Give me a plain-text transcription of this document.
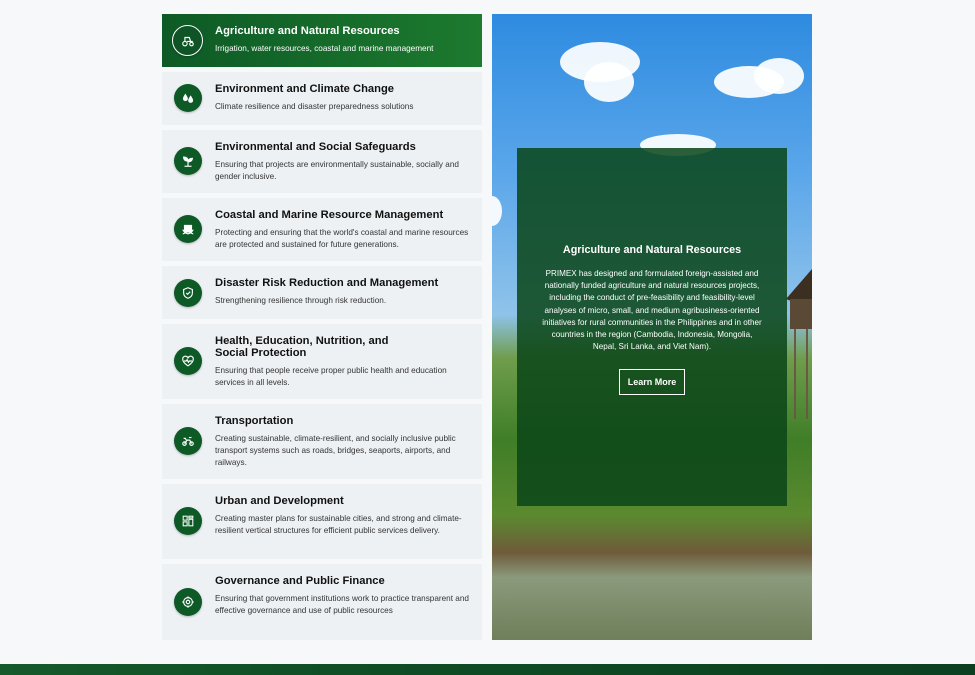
Agriculture and Natural Resources
Irrigation, water resources, coastal and marine management
Environment and Climate Change
Climate resilience and disaster preparedness solutions
Environmental and Social Safeguards
Ensuring that projects are environmentally sustainable, socially and gender inclusive.
Coastal and Marine Resource Management
Protecting and ensuring that the world's coastal and marine resources are protected and sustained for future generations.
Disaster Risk Reduction and Management
Strengthening resilience through risk reduction.
Health, Education, Nutrition, and Social Protection
Ensuring that people receive proper public health and education services in all levels.
Transportation
Creating sustainable, climate-resilient, and socially inclusive public transport systems such as roads, bridges, seaports, airports, and railways.
Urban and Development
Creating master plans for sustainable cities, and strong and climate-resilient vertical structures for efficient public services delivery.
Governance and Public Finance
Ensuring that government institutions work to practice transparent and effective governance and use of public resources
Agriculture and Natural Resources
PRIMEX has designed and formulated foreign-assisted and nationally funded agriculture and natural resources projects, including the conduct of pre-feasibility and feasibility-level analyses of micro, small, and medium agribusiness-oriented initiatives for rural communities in the Philippines and in other countries in the region (Cambodia, Indonesia, Mongolia, Nepal, Sri Lanka, and Viet Nam).
Learn More
